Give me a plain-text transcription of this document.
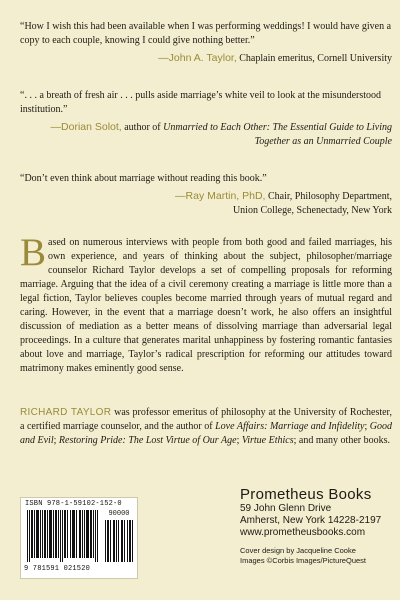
“How I wish this had been available when I was performing weddings! I would have given a copy to each couple, knowing I could give nothing better.”
—John A. Taylor, Chaplain emeritus, Cornell University
“. . . a breath of fresh air . . . pulls aside marriage’s white veil to look at the misunderstood institution.”
—Dorian Solot, author of Unmarried to Each Other: The Essential Guide to Living Together as an Unmarried Couple
“Don’t even think about marriage without reading this book.”
—Ray Martin, PhD, Chair, Philosophy Department,
Union College, Schenectady, New York
Based on numerous interviews with people from both good and failed marriages, his own experience, and years of thinking about the subject, philosopher/marriage counselor Richard Taylor develops a set of compelling proposals for reforming marriage. Arguing that the idea of a civil ceremony creating a marriage is little more than a legal fiction, Taylor believes couples become married through years of mutual regard and caring. However, in the event that a marriage doesn’t work, he also offers an insightful discussion of mediation as a better means of dissolving marriage than adversarial legal proceedings. In a culture that generates marital unhappiness by fostering romantic fantasies about love and marriage, Taylor’s radical prescription for reforming our attitudes toward matrimony makes eminently good sense.
RICHARD TAYLOR was professor emeritus of philosophy at the University of Rochester, a certified marriage counselor, and the author of Love Affairs: Marriage and Infidelity; Good and Evil; Restoring Pride: The Lost Virtue of Our Age; Virtue Ethics; and many other books.
ISBN 978-1-59102-152-0
90000
9 781591 021520
Prometheus Books
59 John Glenn Drive
Amherst, New York 14228-2197
www.prometheusbooks.com
Cover design by Jacqueline Cooke
Images ©Corbis Images/PictureQuest
